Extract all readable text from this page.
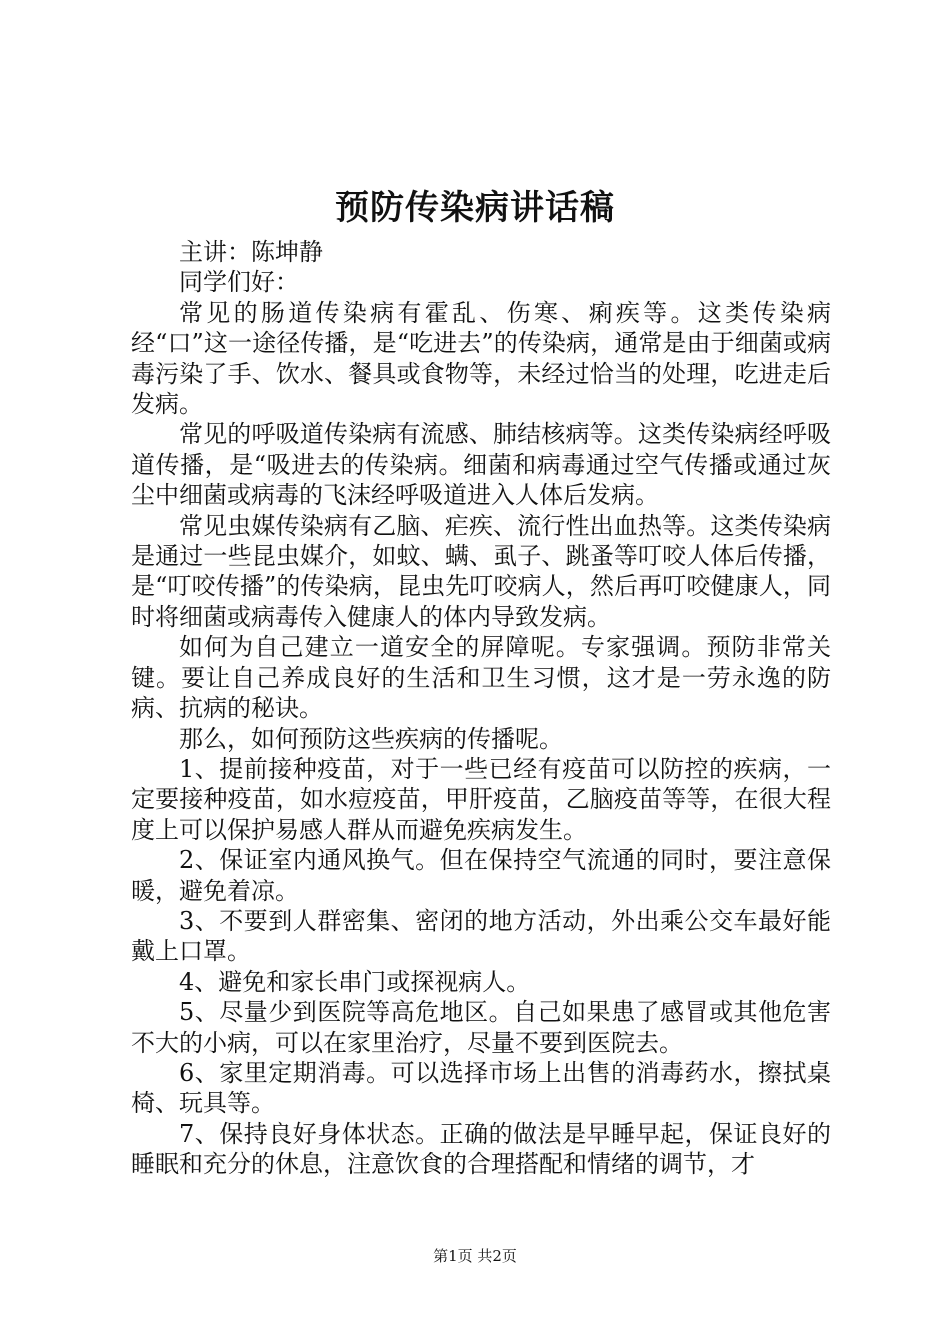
预防传染病讲话稿

主讲：陈坤静

同学们好：

常见的肠道传染病有霍乱、伤寒、痢疾等。这类传染病经“口”这一途径传播，是“吃进去”的传染病，通常是由于细菌或病毒污染了手、饮水、餐具或食物等，未经过恰当的处理，吃进走后发病。

常见的呼吸道传染病有流感、肺结核病等。这类传染病经呼吸道传播，是“吸进去的传染病。细菌和病毒通过空气传播或通过灰尘中细菌或病毒的飞沫经呼吸道进入人体后发病。

常见虫媒传染病有乙脑、疟疾、流行性出血热等。这类传染病是通过一些昆虫媒介，如蚊、螨、虱子、跳蚤等叮咬人体后传播，是“叮咬传播”的传染病，昆虫先叮咬病人，然后再叮咬健康人，同时将细菌或病毒传入健康人的体内导致发病。

如何为自己建立一道安全的屏障呢。专家强调。预防非常关键。要让自己养成良好的生活和卫生习惯，这才是一劳永逸的防病、抗病的秘诀。

那么，如何预防这些疾病的传播呢。

1、提前接种疫苗，对于一些已经有疫苗可以防控的疾病，一定要接种疫苗，如水痘疫苗，甲肝疫苗，乙脑疫苗等等，在很大程度上可以保护易感人群从而避免疾病发生。

2、保证室内通风换气。但在保持空气流通的同时，要注意保暖，避免着凉。

3、不要到人群密集、密闭的地方活动，外出乘公交车最好能戴上口罩。

4、避免和家长串门或探视病人。

5、尽量少到医院等高危地区。自己如果患了感冒或其他危害不大的小病，可以在家里治疗，尽量不要到医院去。

6、家里定期消毒。可以选择市场上出售的消毒药水，擦拭桌椅、玩具等。

7、保持良好身体状态。正确的做法是早睡早起，保证良好的睡眠和充分的休息，注意饮食的合理搭配和情绪的调节，才

第1页 共2页
